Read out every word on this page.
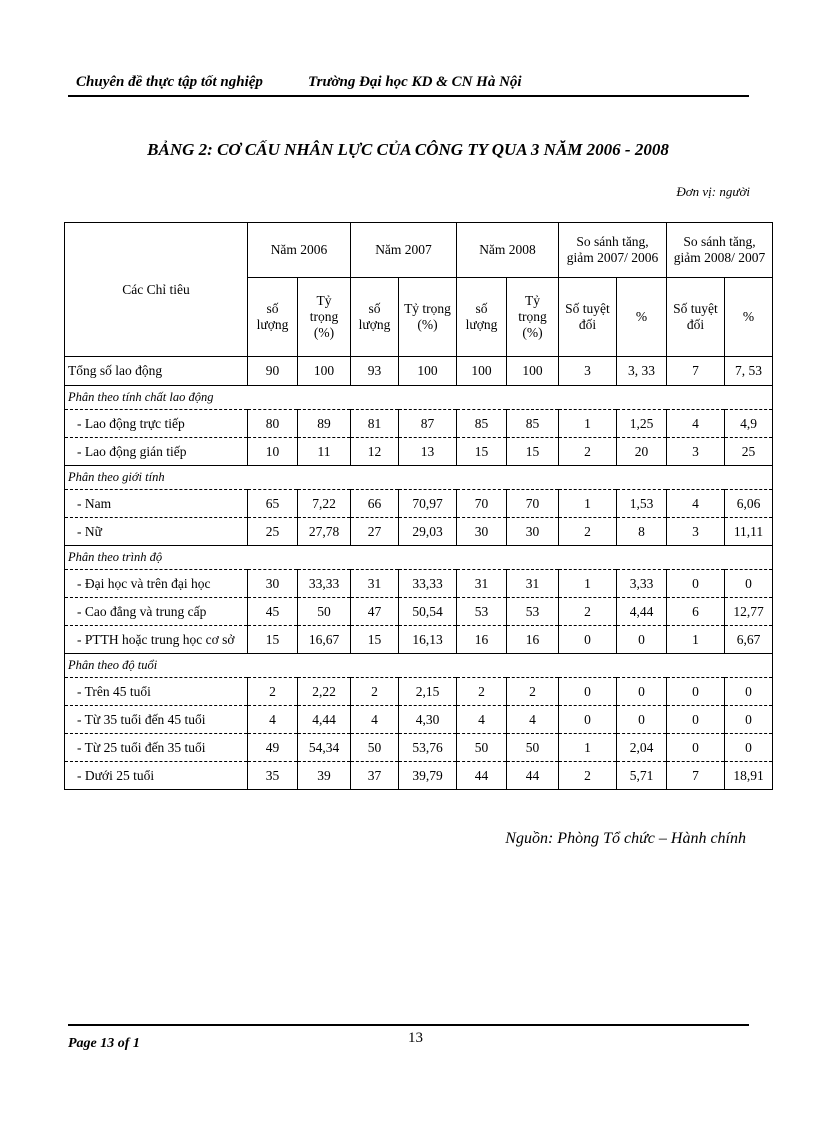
Chuyên đề thực tập tốt nghiệp	Trường Đại học KD & CN Hà Nội
BẢNG 2: CƠ CẤU NHÂN LỰC CỦA CÔNG TY QUA 3 NĂM 2006 - 2008
Đơn vị: người
Các Chỉ tiêu	Năm 2006		Năm 2007		Năm 2008		So sánh tăng, giảm 2007/ 2006		So sánh tăng, giảm 2008/ 2007	
	số lượng	Tỷ trọng (%)	số lượng	Tỷ trọng (%)	số lượng	Tỷ trọng (%)	Số tuyệt đối	%	Số tuyệt đối	%
Tổng số lao động	90	100	93	100	100	100	3	3, 33	7	7, 53
Phân theo tính chất lao động										
- Lao động trực tiếp	80	89	81	87	85	85	1	1,25	4	4,9
- Lao động gián tiếp	10	11	12	13	15	15	2	20	3	25
Phân theo giới tính										
- Nam	65	7,22	66	70,97	70	70	1	1,53	4	6,06
- Nữ	25	27,78	27	29,03	30	30	2	8	3	11,11
Phân theo trình độ										
- Đại học và trên đại học	30	33,33	31	33,33	31	31	1	3,33	0	0
- Cao đẳng và trung cấp	45	50	47	50,54	53	53	2	4,44	6	12,77
- PTTH hoặc trung học cơ sở	15	16,67	15	16,13	16	16	0	0	1	6,67
Phân theo độ tuổi										
- Trên 45 tuổi	2	2,22	2	2,15	2	2	0	0	0	0
- Từ 35 tuổi đến 45 tuổi	4	4,44	4	4,30	4	4	0	0	0	0
- Từ 25 tuổi đến 35 tuổi	49	54,34	50	53,76	50	50	1	2,04	0	0
- Dưới 25 tuổi	35	39	37	39,79	44	44	2	5,71	7	18,91
Nguồn: Phòng Tổ chức – Hành chính
Page 13 of 1	13
